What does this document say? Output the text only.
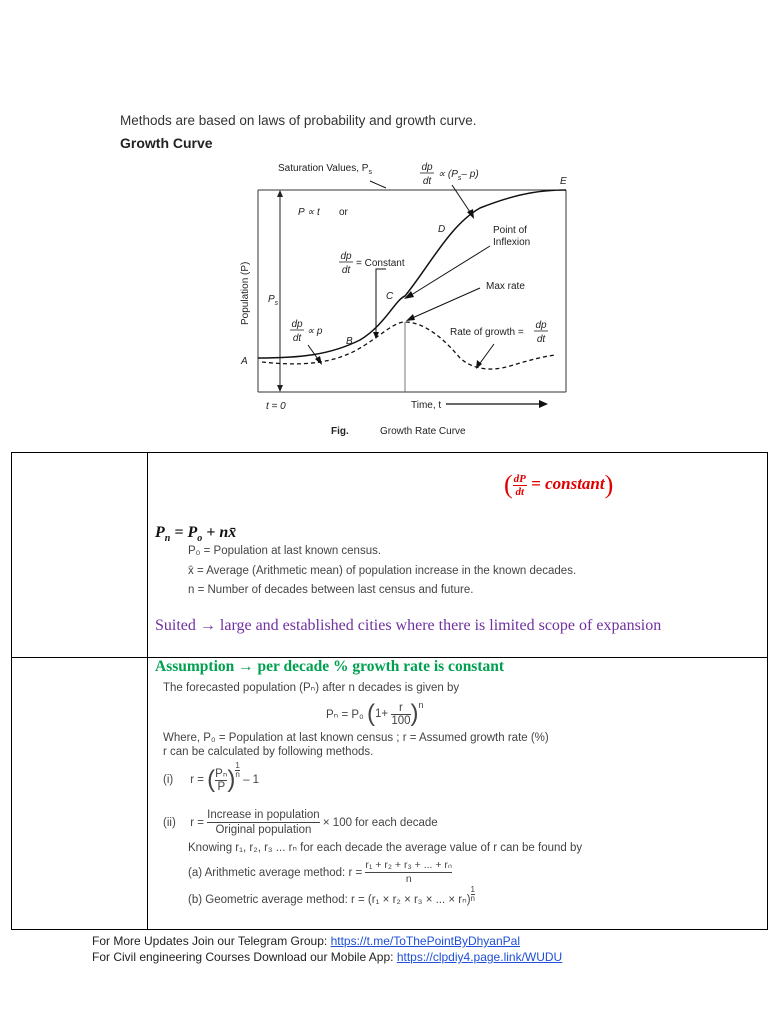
Methods are based on laws of probability and growth curve.
Growth Curve
Saturation Values, $P_s$	dp
dt
∝ ($P_s-$ p)
E
P ∝ t or
D	Point of
Inflexion
dp
dt
= Constant
Max rate
C
dp
dt
∝ p
B
Rate of growth =
dp
dt
A
$P_s$
Population (P)
t = 0	Time, t
Fig.	Growth Rate Curve
( $\frac{dP}{dt}$ = constant)
$P_n = P_o$ + nx̄
P₀ = Population at last known census.
x̄ = Average (Arithmetic mean) of population increase in the known decades.
n = Number of decades between last census and future.
Suited → large and established cities where there is limited scope of expansion
Assumption → per decade % growth rate is constant
The forecasted population (Pₙ) after n decades is given by
Pₙ = P₀ $(1+ \frac{r}{100} )^n$
Where, P₀ = Population at last known census ; r = Assumed growth rate (%)
r can be calculated by following methods.
(i) r = ( $\frac{\text{Pₙ}}{P}$ ) $\frac{1}{n}$
– 1
(ii) r =
Increase in population
Original population
× 100 for each decade
Knowing r₁, r₂, r₃ ... rₙ for each decade the average value of r can be found by
(a) Arithmetic average method: $r = \frac{\text{r₁ + r₂ + r₃ + ... + rₙ}}{n}$
(b) Geometric average method: r = (r₁ × r₂ × r₃ × ... × $r_n) \frac{1}{n}$
For More Updates Join our Telegram Group: https://t.me/ToThePointByDhyanPal
For Civil engineering Courses Download our Mobile App: https://clpdiy4.page.link/WUDU
